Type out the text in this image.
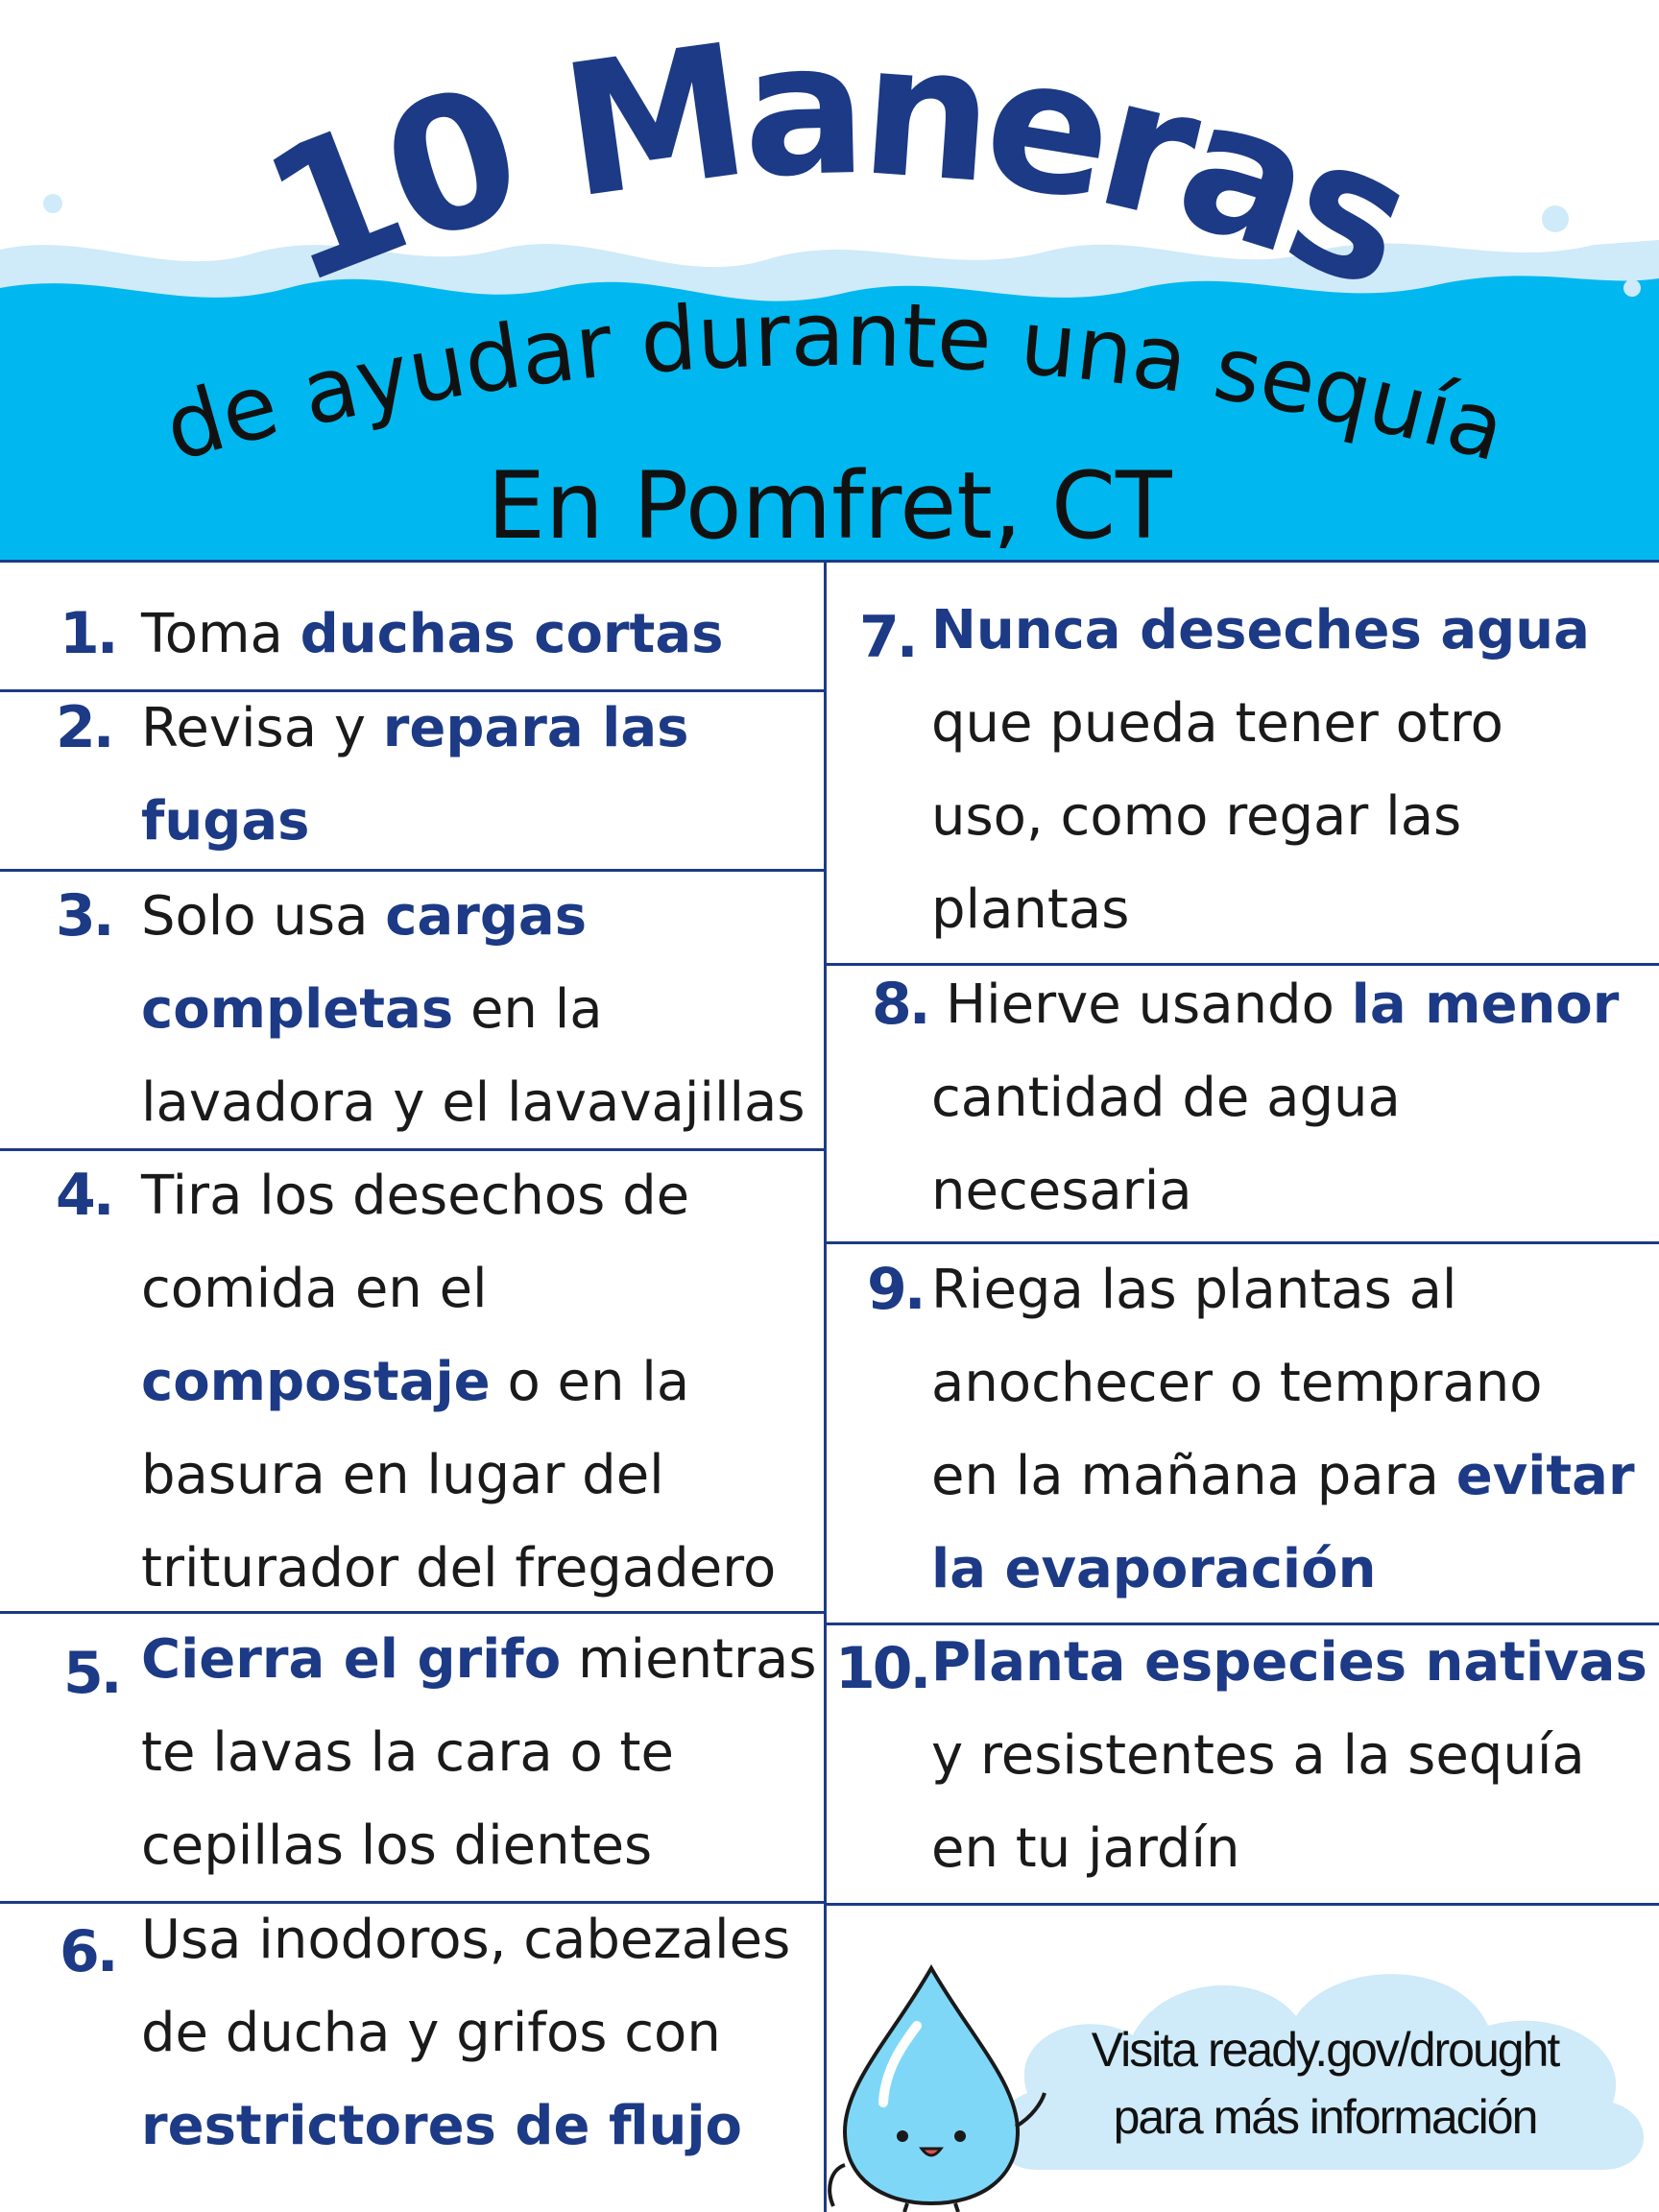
10 Maneras
de ayudar durante una sequía
En Pomfret, CT
1. Toma duchas cortas
2. Revisa y repara las
fugas
3. Solo usa cargas
completas en la
lavadora y el lavavajillas
4. Tira los desechos de
comida en el
compostaje o en la
basura en lugar del
triturador del fregadero
5. Cierra el grifo mientras
te lavas la cara o te
cepillas los dientes
6. Usa inodoros, cabezales
de ducha y grifos con
restrictores de flujo
7. Nunca deseches agua
que pueda tener otro
uso, como regar las
plantas
8. Hierve usando la menor
cantidad de agua
necesaria
9. Riega las plantas al
anochecer o temprano
en la mañana para evitar
la evaporación
10. Planta especies nativas
y resistentes a la sequía
en tu jardín
Visita ready.gov/drought
para más información
